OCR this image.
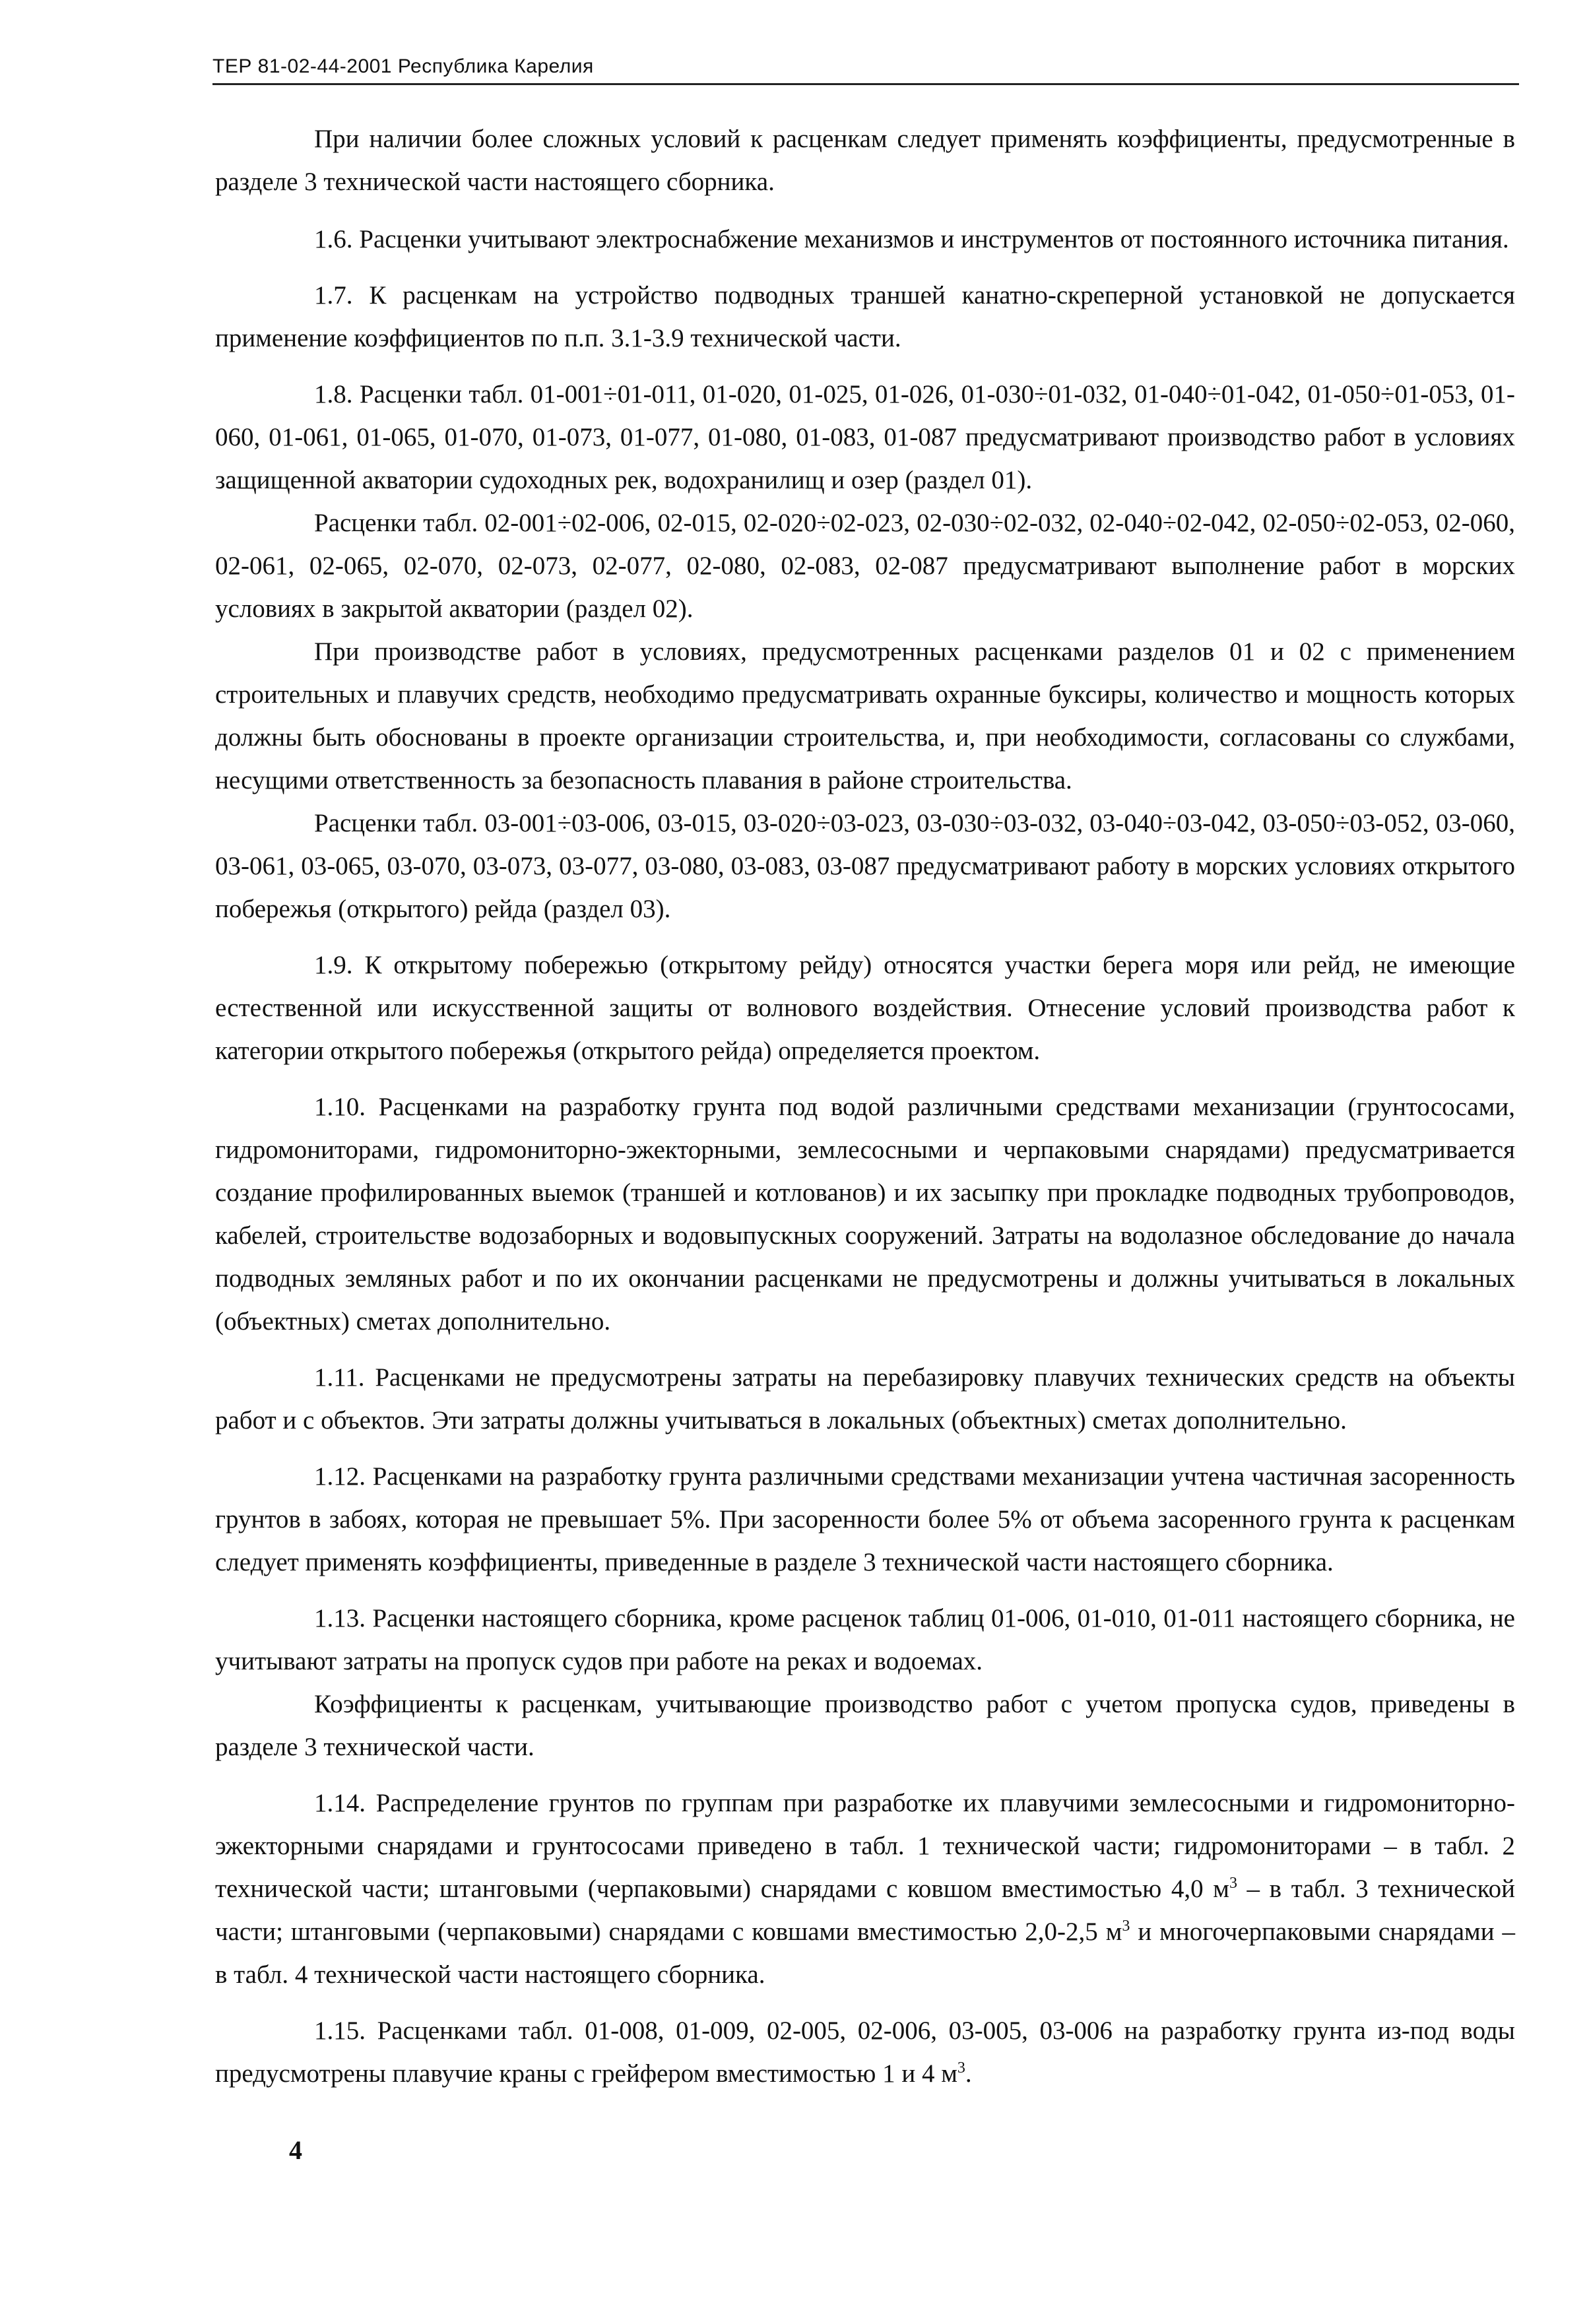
ТЕР 81-02-44-2001 Республика Карелия

При наличии более сложных условий к расценкам следует применять коэффициенты, предусмотренные в разделе 3 технической части настоящего сборника.

1.6. Расценки учитывают электроснабжение механизмов и инструментов от постоянного источника питания.

1.7. К расценкам на устройство подводных траншей канатно-скреперной установкой не допускается применение коэффициентов по п.п. 3.1-3.9 технической части.

1.8. Расценки табл. 01-001÷01-011, 01-020, 01-025, 01-026, 01-030÷01-032, 01-040÷01-042, 01-050÷01-053, 01-060, 01-061, 01-065, 01-070, 01-073, 01-077, 01-080, 01-083, 01-087 предусматривают производство работ в условиях защищенной акватории судоходных рек, водохранилищ и озер (раздел 01).

Расценки табл. 02-001÷02-006, 02-015, 02-020÷02-023, 02-030÷02-032, 02-040÷02-042, 02-050÷02-053, 02-060, 02-061, 02-065, 02-070, 02-073, 02-077, 02-080, 02-083, 02-087 предусматривают выполнение работ в морских условиях в закрытой акватории (раздел 02).

При производстве работ в условиях, предусмотренных расценками разделов 01 и 02 с применением строительных и плавучих средств, необходимо предусматривать охранные буксиры, количество и мощность которых должны быть обоснованы в проекте организации строительства, и, при необходимости, согласованы со службами, несущими ответственность за безопасность плавания в районе строительства.

Расценки табл. 03-001÷03-006, 03-015, 03-020÷03-023, 03-030÷03-032, 03-040÷03-042, 03-050÷03-052, 03-060, 03-061, 03-065, 03-070, 03-073, 03-077, 03-080, 03-083, 03-087 предусматривают работу в морских условиях открытого побережья (открытого) рейда (раздел 03).

1.9. К открытому побережью (открытому рейду) относятся участки берега моря или рейд, не имеющие естественной или искусственной защиты от волнового воздействия. Отнесение условий производства работ к категории открытого побережья (открытого рейда) определяется проектом.

1.10. Расценками на разработку грунта под водой различными средствами механизации (грунтососами, гидромониторами, гидромониторно-эжекторными, землесосными и черпаковыми снарядами) предусматривается создание профилированных выемок (траншей и котлованов) и их засыпку при прокладке подводных трубопроводов, кабелей, строительстве водозаборных и водовыпускных сооружений. Затраты на водолазное обследование до начала подводных земляных работ и по их окончании расценками не предусмотрены и должны учитываться в локальных (объектных) сметах дополнительно.

1.11. Расценками не предусмотрены затраты на перебазировку плавучих технических средств на объекты работ и с объектов. Эти затраты должны учитываться в локальных (объектных) сметах дополнительно.

1.12. Расценками на разработку грунта различными средствами механизации учтена частичная засоренность грунтов в забоях, которая не превышает 5%. При засоренности более 5% от объема засоренного грунта к расценкам следует применять коэффициенты, приведенные в разделе 3 технической части настоящего сборника.

1.13. Расценки настоящего сборника, кроме расценок таблиц 01-006, 01-010, 01-011 настоящего сборника, не учитывают затраты на пропуск судов при работе на реках и водоемах.

Коэффициенты к расценкам, учитывающие производство работ с учетом пропуска судов, приведены в разделе 3 технической части.

1.14. Распределение грунтов по группам при разработке их плавучими землесосными и гидромониторно-эжекторными снарядами и грунтососами приведено в табл. 1 технической части; гидромониторами – в табл. 2 технической части; штанговыми (черпаковыми) снарядами с ковшом вместимостью 4,0 $м^3$ – в табл. 3 технической части; штанговыми (черпаковыми) снарядами с ковшами вместимостью 2,0-2,5 $м^3$ и многочерпаковыми снарядами – в табл. 4 технической части настоящего сборника.

1.15. Расценками табл. 01-008, 01-009, 02-005, 02-006, 03-005, 03-006 на разработку грунта из-под воды предусмотрены плавучие краны с грейфером вместимостью 1 и 4 $м^3$.

4
